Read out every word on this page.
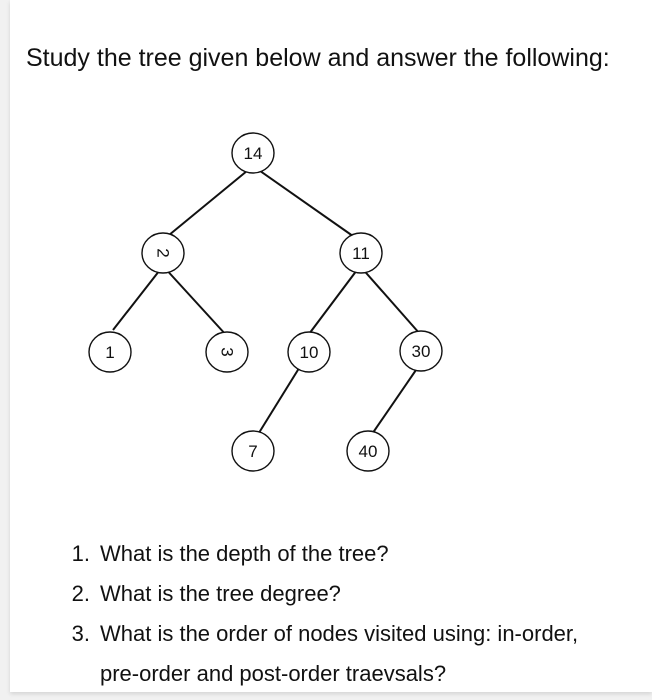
Study the tree given below and answer the following:
14
2	11
1	3	10	30
7	40
1. What is the depth of the tree?
2. What is the tree degree?
3. What is the order of nodes visited using: in-order, pre-order and post-order traevsals?
